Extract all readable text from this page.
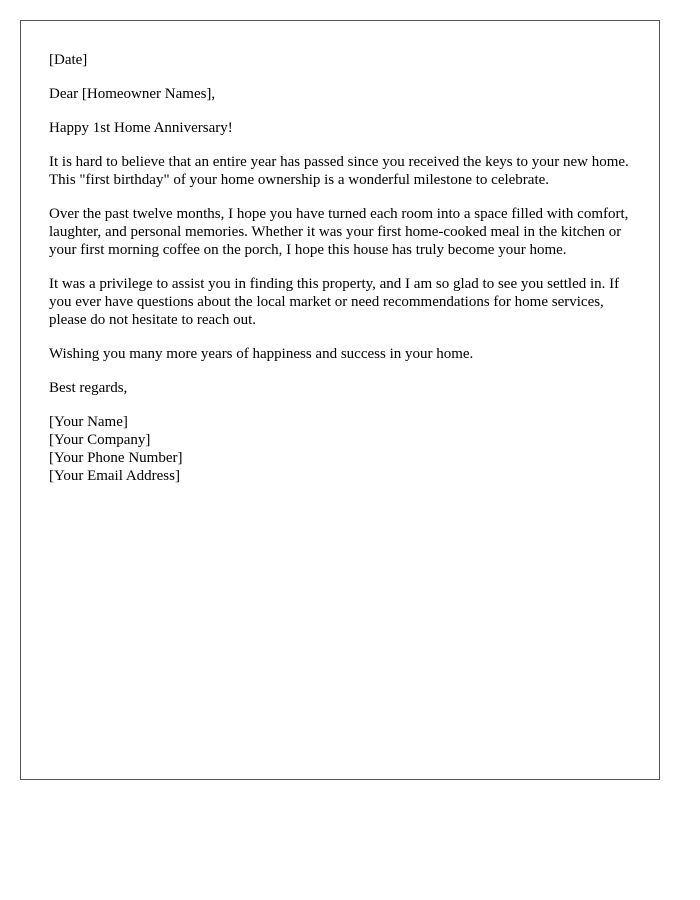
[Date]

Dear [Homeowner Names],

Happy 1st Home Anniversary!

It is hard to believe that an entire year has passed since you received the keys to your new home. This "first birthday" of your home ownership is a wonderful milestone to celebrate.

Over the past twelve months, I hope you have turned each room into a space filled with comfort, laughter, and personal memories. Whether it was your first home-cooked meal in the kitchen or your first morning coffee on the porch, I hope this house has truly become your home.

It was a privilege to assist you in finding this property, and I am so glad to see you settled in. If you ever have questions about the local market or need recommendations for home services, please do not hesitate to reach out.

Wishing you many more years of happiness and success in your home.

Best regards,

[Your Name]
[Your Company]
[Your Phone Number]
[Your Email Address]
